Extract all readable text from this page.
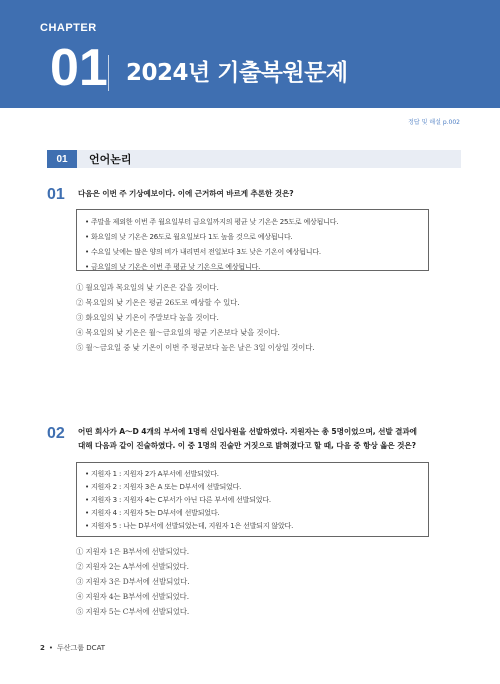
CHAPTER
01 2024년 기출복원문제
정답 및 해설 p.002
01	언어논리
01 다음은 이번 주 기상예보이다. 이에 근거하여 바르게 추론한 것은?
• 주말을 제외한 이번 주 월요일부터 금요일까지의 평균 낮 기온은 25도로 예상됩니다.
• 화요일의 낮 기온은 26도로 월요일보다 1도 높을 것으로 예상됩니다.
• 수요일 낮에는 많은 양의 비가 내리면서 전일보다 3도 낮은 기온이 예상됩니다.
• 금요일의 낮 기온은 이번 주 평균 낮 기온으로 예상됩니다.
① 월요일과 목요일의 낮 기온은 같을 것이다.
② 목요일의 낮 기온은 평균 26도로 예상할 수 있다.
③ 화요일의 낮 기온이 주말보다 높을 것이다.
④ 목요일의 낮 기온은 월～금요일의 평균 기온보다 낮을 것이다.
⑤ 월～금요일 중 낮 기온이 이번 주 평균보다 높은 날은 3일 이상일 것이다.
02 어떤 회사가 A～D 4개의 부서에 1명씩 신입사원을 선발하였다. 지원자는 총 5명이었으며, 선발 결과에
대해 다음과 같이 진술하였다. 이 중 1명의 진술만 거짓으로 밝혀졌다고 할 때, 다음 중 항상 옳은 것은?
• 지원자 1 : 지원자 2가 A부서에 선발되었다.
• 지원자 2 : 지원자 3은 A 또는 D부서에 선발되었다.
• 지원자 3 : 지원자 4는 C부서가 아닌 다른 부서에 선발되었다.
• 지원자 4 : 지원자 5는 D부서에 선발되었다.
• 지원자 5 : 나는 D부서에 선발되었는데, 지원자 1은 선발되지 않았다.
① 지원자 1은 B부서에 선발되었다.
② 지원자 2는 A부서에 선발되었다.
③ 지원자 3은 D부서에 선발되었다.
④ 지원자 4는 B부서에 선발되었다.
⑤ 지원자 5는 C부서에 선발되었다.
2 • 두산그룹 DCAT
